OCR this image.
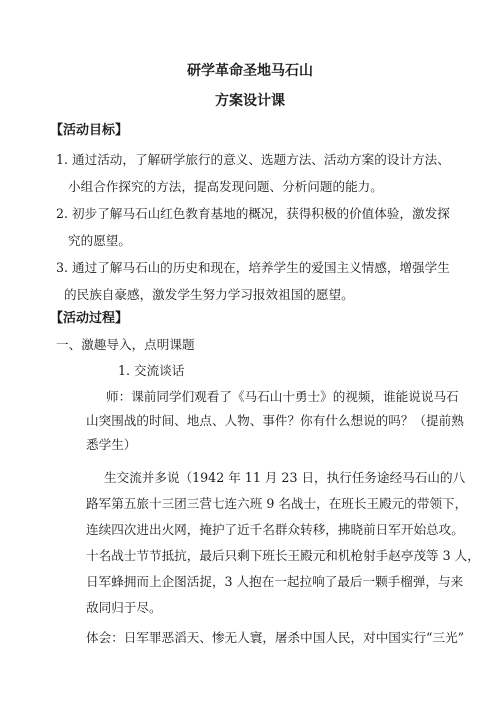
研学革命圣地马石山
方案设计课
【活动目标】
1. 通过活动，了解研学旅行的意义、选题方法、活动方案的设计方法、
小组合作探究的方法，提高发现问题、分析问题的能力。
2. 初步了解马石山红色教育基地的概况，获得积极的价值体验，激发探
究的愿望。
3. 通过了解马石山的历史和现在，培养学生的爱国主义情感，增强学生
的民族自豪感，激发学生努力学习报效祖国的愿望。
【活动过程】
一、激趣导入，点明课题
1. 交流谈话
师：课前同学们观看了《马石山十勇士》的视频，谁能说说马石
山突围战的时间、地点、人物、事件？你有什么想说的吗？（提前熟
悉学生）
生交流并多说（1942 年 11 月 23 日，执行任务途经马石山的八
路军第五旅十三团三营七连六班 9 名战士，在班长王殿元的带领下，
连续四次进出火网，掩护了近千名群众转移，拂晓前日军开始总攻。
十名战士节节抵抗，最后只剩下班长王殿元和机枪射手赵亭茂等 3 人，
日军蜂拥而上企图活捉，3 人抱在一起拉响了最后一颗手榴弹，与来
敌同归于尽。
体会：日军罪恶滔天、惨无人寰，屠杀中国人民，对中国实行“三光”
